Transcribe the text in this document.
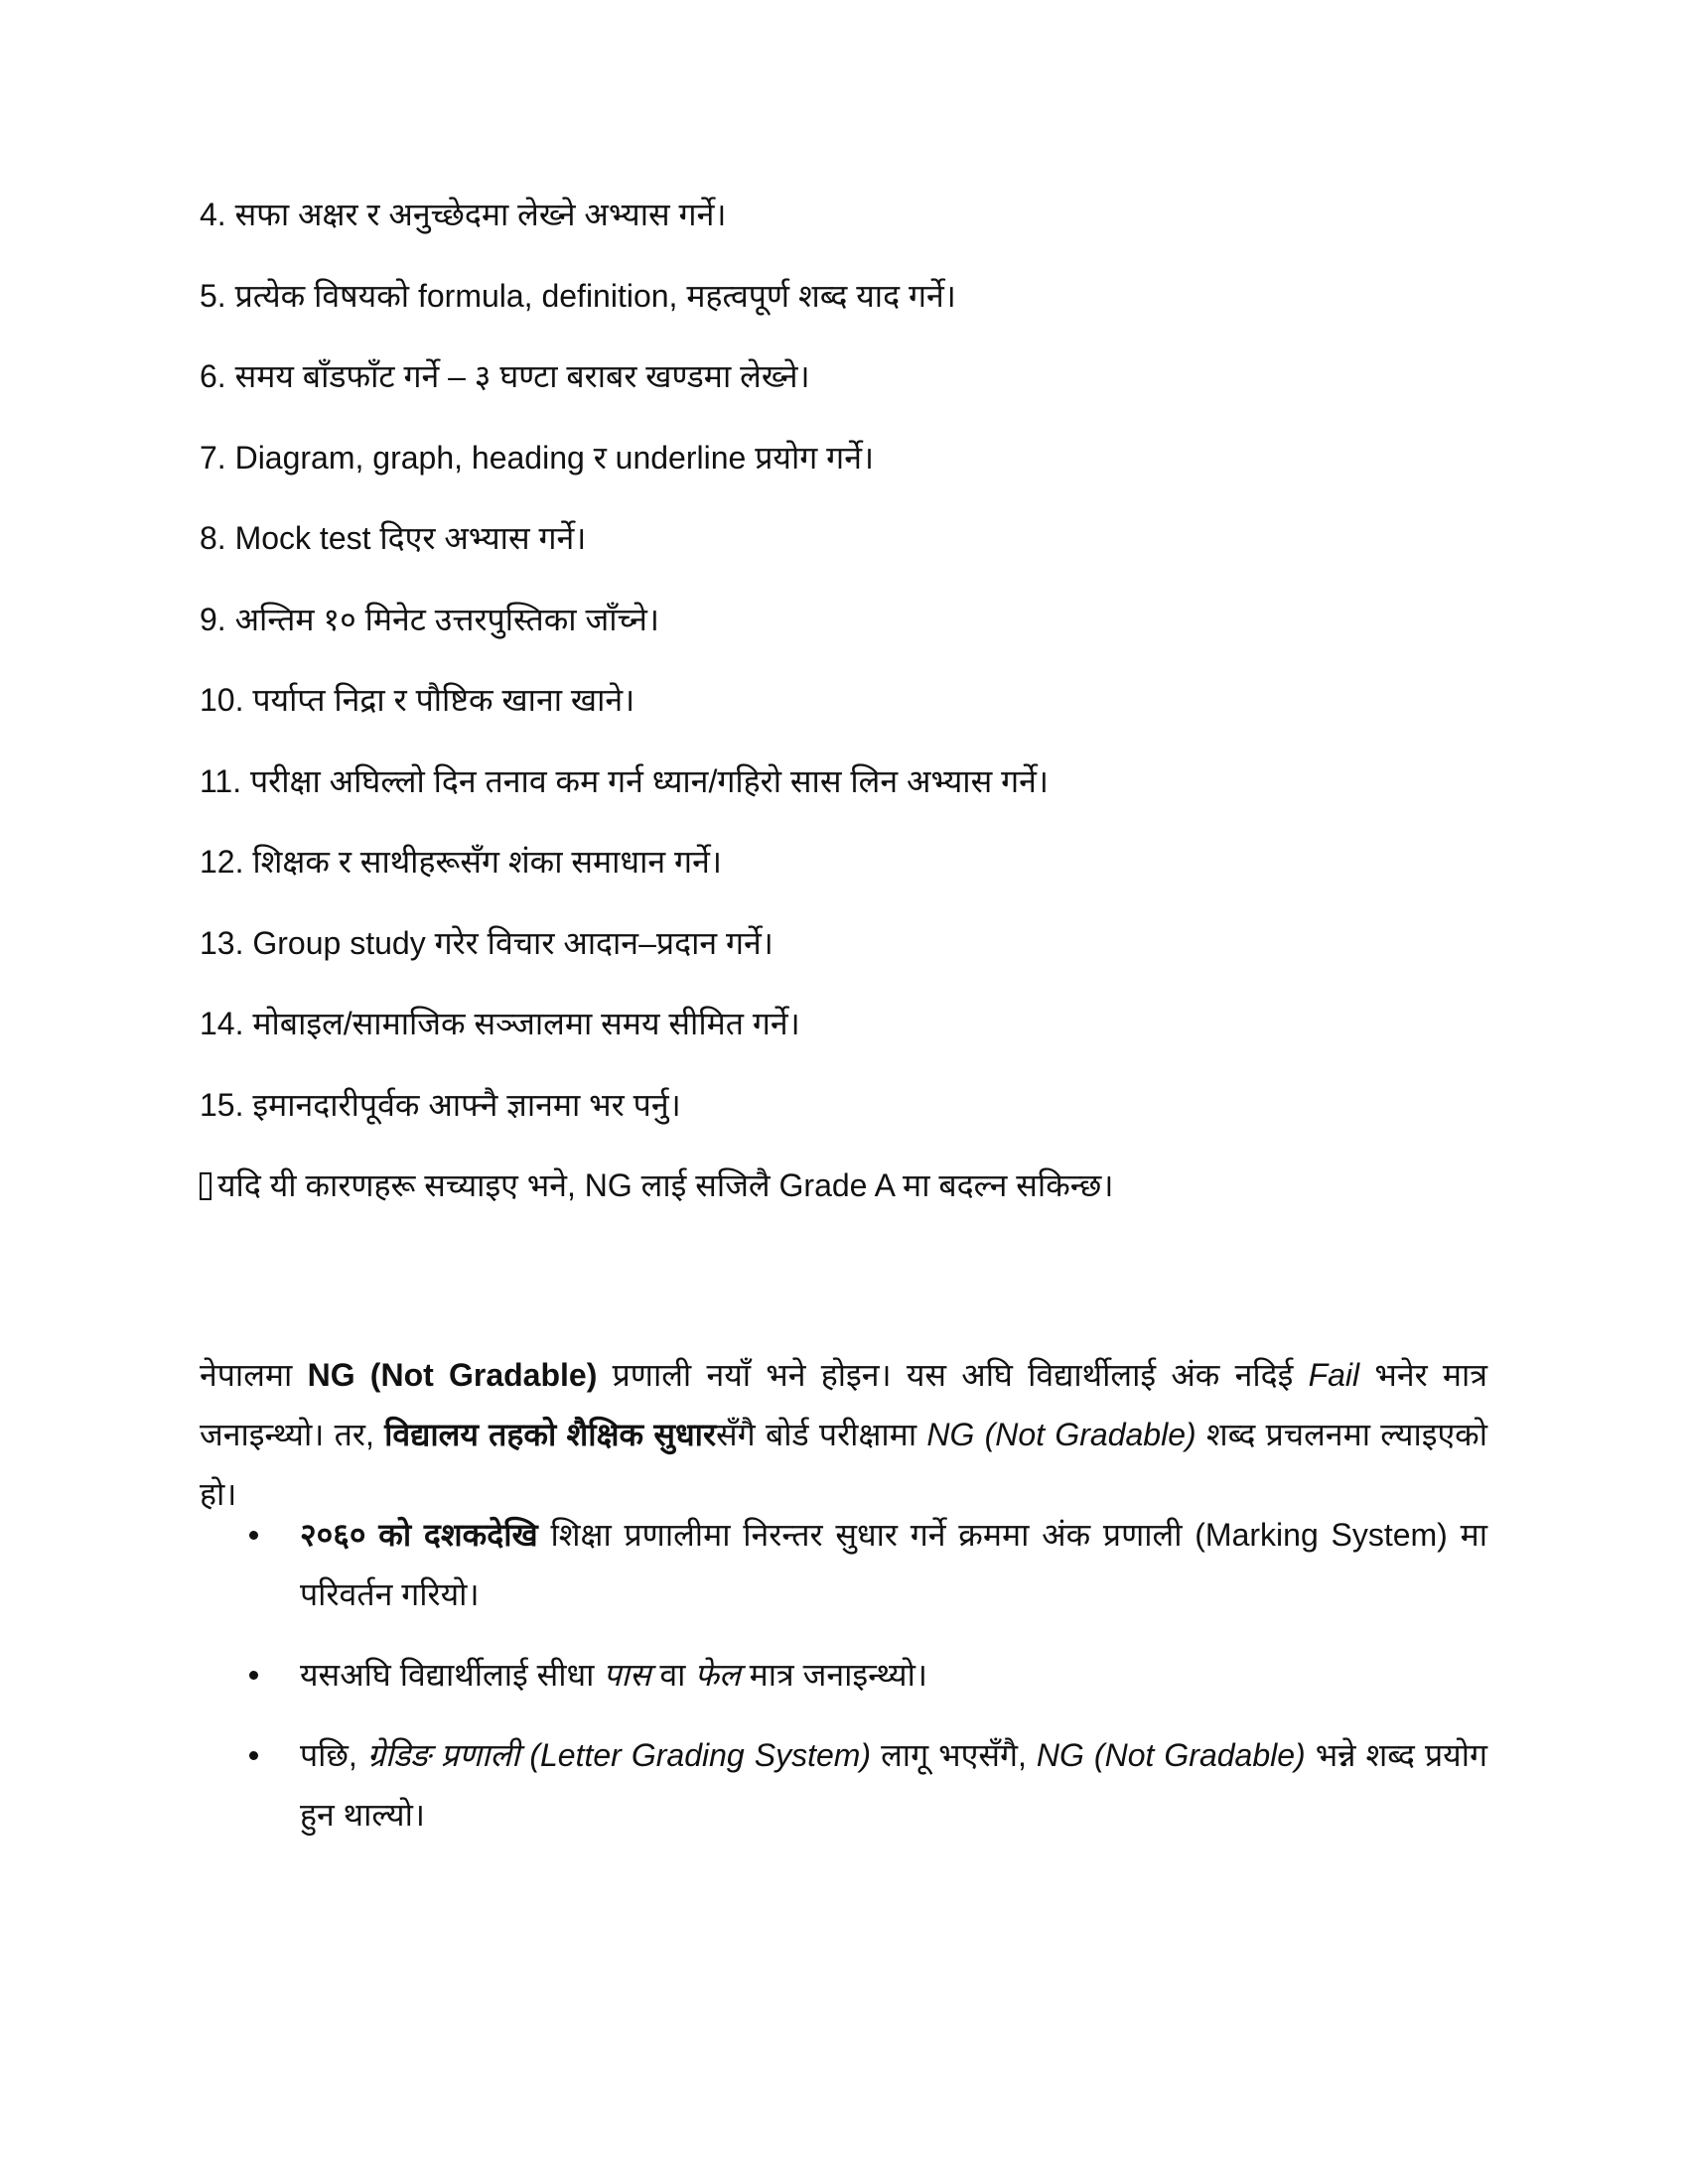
4. सफा अक्षर र अनुच्छेदमा लेख्ने अभ्यास गर्ने।
5. प्रत्येक विषयको formula, definition, महत्वपूर्ण शब्द याद गर्ने।
6. समय बाँडफाँट गर्ने – ३ घण्टा बराबर खण्डमा लेख्ने।
7. Diagram, graph, heading र underline प्रयोग गर्ने।
8. Mock test दिएर अभ्यास गर्ने।
9. अन्तिम १० मिनेट उत्तरपुस्तिका जाँच्ने।
10. पर्याप्त निद्रा र पौष्टिक खाना खाने।
11. परीक्षा अघिल्लो दिन तनाव कम गर्न ध्यान/गहिरो सास लिन अभ्यास गर्ने।
12. शिक्षक र साथीहरूसँग शंका समाधान गर्ने।
13. Group study गरेर विचार आदान–प्रदान गर्ने।
14. मोबाइल/सामाजिक सञ्जालमा समय सीमित गर्ने।
15. इमानदारीपूर्वक आफ्नै ज्ञानमा भर पर्नु।
यदि यी कारणहरू सच्याइए भने, NG लाई सजिलै Grade A मा बदल्न सकिन्छ।

नेपालमा NG (Not Gradable) प्रणाली नयाँ भने होइन। यस अघि विद्यार्थीलाई अंक नदिई Fail भनेर मात्र जनाइन्थ्यो। तर, विद्यालय तहको शैक्षिक सुधारसँगै बोर्ड परीक्षामा NG (Not Gradable) शब्द प्रचलनमा ल्याइएको हो।

२०६० को दशकदेखि शिक्षा प्रणालीमा निरन्तर सुधार गर्ने क्रममा अंक प्रणाली (Marking System) मा परिवर्तन गरियो।
यसअघि विद्यार्थीलाई सीधा पास वा फेल मात्र जनाइन्थ्यो।
पछि, ग्रेडिङ प्रणाली (Letter Grading System) लागू भएसँगै, NG (Not Gradable) भन्ने शब्द प्रयोग हुन थाल्यो।
